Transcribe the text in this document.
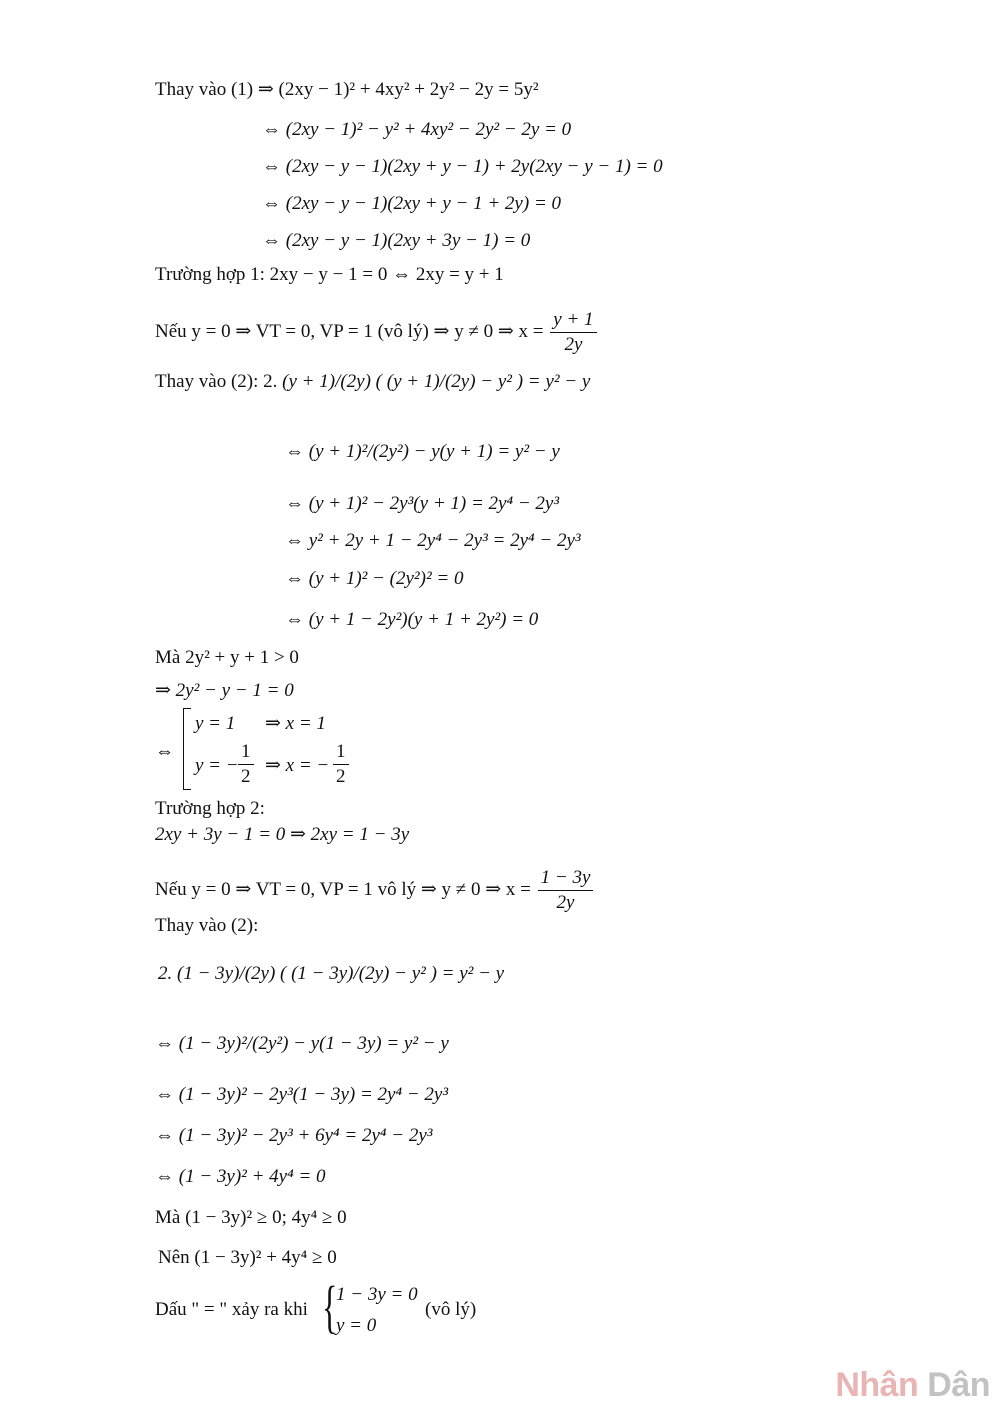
Thay vào (1) ⇒ (2xy − 1)² + 4xy² + 2y² − 2y = 5y²
⇔ (2xy − 1)² − y² + 4xy² − 2y² − 2y = 0
⇔ (2xy − y − 1)(2xy + y − 1) + 2y(2xy − y − 1) = 0
⇔ (2xy − y − 1)(2xy + y − 1 + 2y) = 0
⇔ (2xy − y − 1)(2xy + 3y − 1) = 0
Trường hợp 1: 2xy − y − 1 = 0 ⇔ 2xy = y + 1
Nếu y = 0 ⇒ VT = 0, VP = 1 (vô lý) ⇒ y ≠ 0 ⇒ $x = \frac{y + 1}{2y}$
Thay vào (2): 2. (y + 1)/(2y) ( (y + 1)/(2y) − y² ) = y² − y
⇔ (y + 1)²/(2y²) − y(y + 1) = y² − y
⇔ (y + 1)² − 2y³(y + 1) = 2y⁴ − 2y³
⇔ y² + 2y + 1 − 2y⁴ − 2y³ = 2y⁴ − 2y³
⇔ (y + 1)² − (2y²)² = 0
⇔ (y + 1 − 2y²)(y + 1 + 2y²) = 0
Mà 2y² + y + 1 > 0
⇒ 2y² − y − 1 = 0
⇔
y = 1 ⇒ x = 1
y = − $\frac{1}{2}$ ⇒ x = − $\frac{1}{2}$
Trường hợp 2:
2xy + 3y − 1 = 0 ⇒ 2xy = 1 − 3y
Nếu y = 0 ⇒ VT = 0, VP = 1 vô lý ⇒ y ≠ 0 ⇒ $x = \frac{1 - 3y}{2y}$
Thay vào (2):
2. (1 − 3y)/(2y) ( (1 − 3y)/(2y) − y² ) = y² − y
⇔ (1 − 3y)²/(2y²) − y(1 − 3y) = y² − y
⇔ (1 − 3y)² − 2y³(1 − 3y) = 2y⁴ − 2y³
⇔ (1 − 3y)² − 2y³ + 6y⁴ = 2y⁴ − 2y³
⇔ (1 − 3y)² + 4y⁴ = 0
Mà (1 − 3y)² ≥ 0; 4y⁴ ≥ 0
Nên (1 − 3y)² + 4y⁴ ≥ 0
Dấu " = " xảy ra khi {
1 − 3y = 0
y = 0
(vô lý)
Nhân Dân
